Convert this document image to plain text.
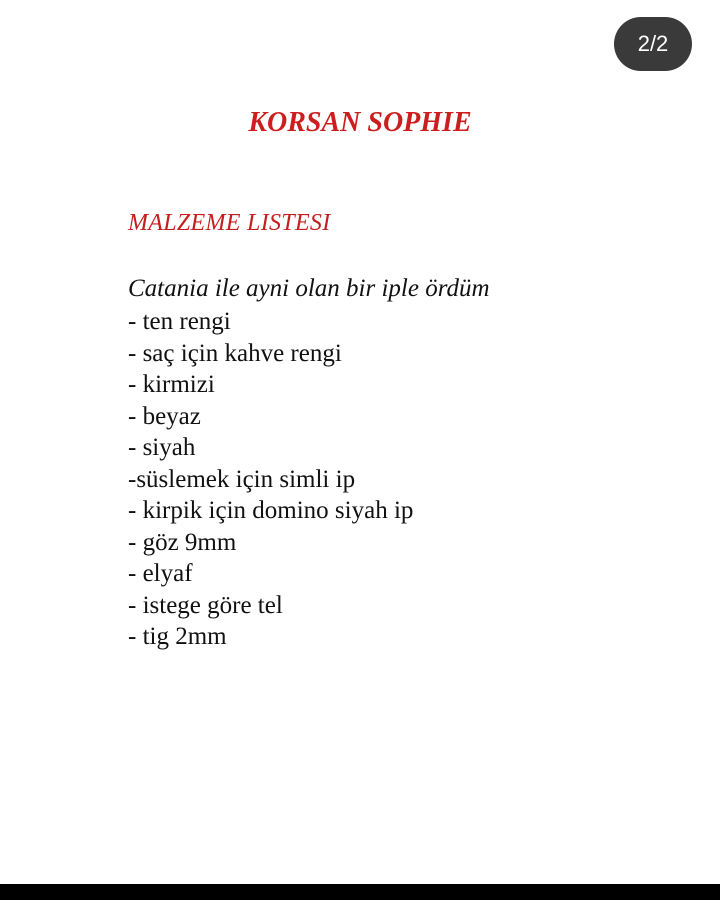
2/2
KORSAN SOPHIE
MALZEME LISTESI

Catania ile ayni olan bir iple ördüm

- ten rengi
- saç için kahve rengi
- kirmizi
- beyaz
- siyah
-süslemek için simli ip
- kirpik için domino siyah ip
- göz 9mm
- elyaf
- istege göre tel
- tig 2mm
